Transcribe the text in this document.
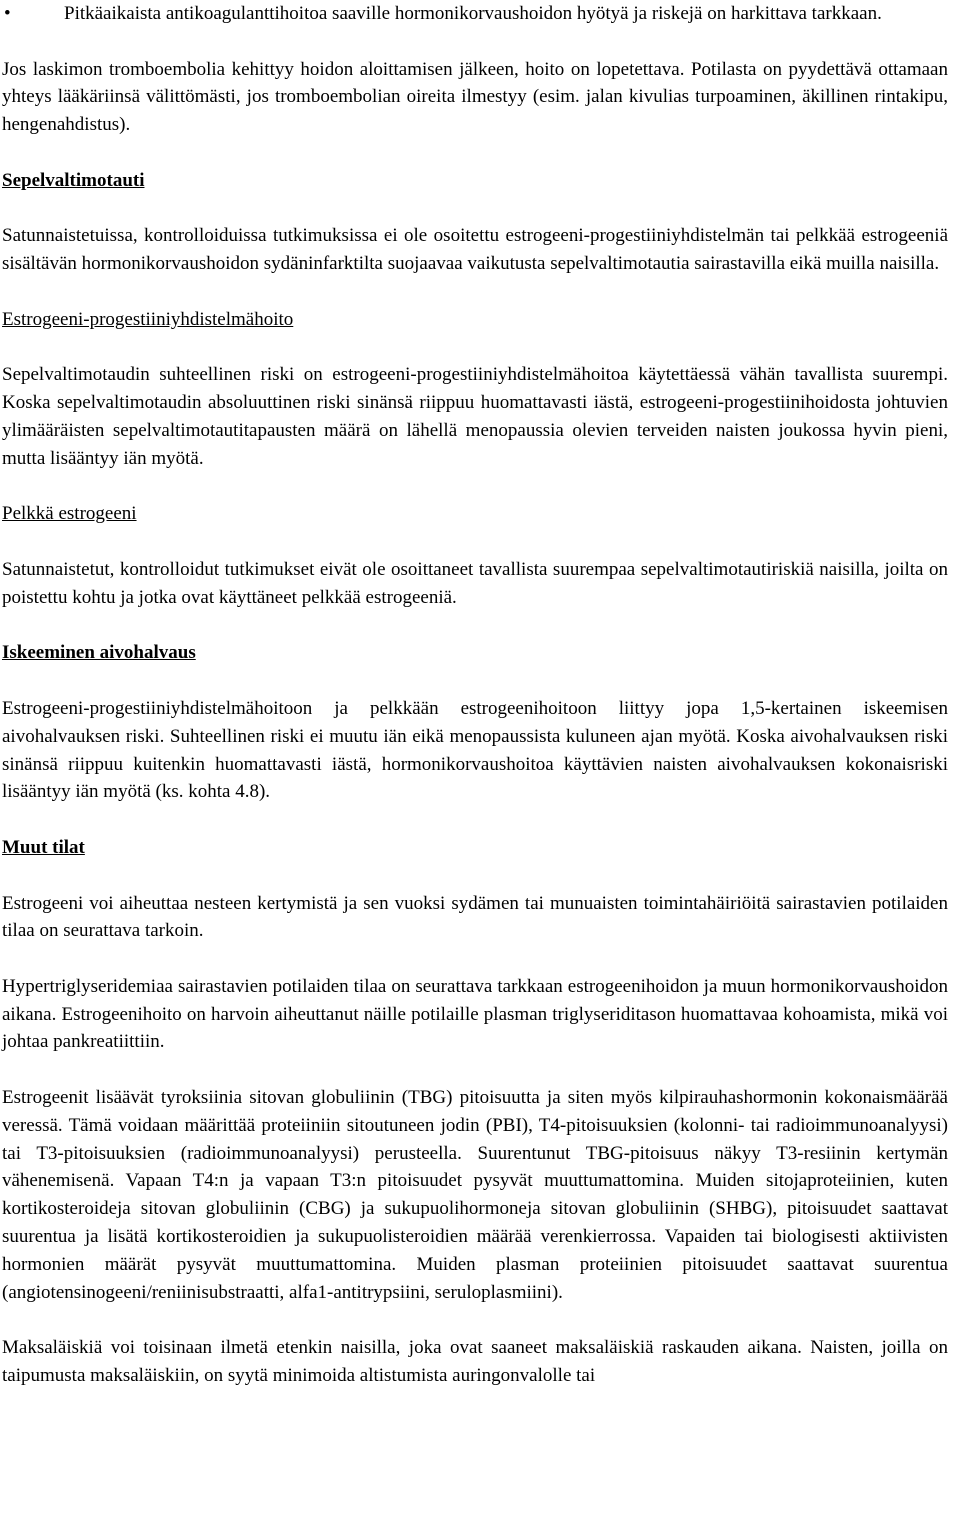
•	Pitkäaikaista antikoagulanttihoitoa saaville hormonikorvaushoidon hyötyä ja riskejä on harkittava tarkkaan.

Jos laskimon tromboembolia kehittyy hoidon aloittamisen jälkeen, hoito on lopetettava. Potilasta on pyydettävä ottamaan yhteys lääkäriinsä välittömästi, jos tromboembolian oireita ilmestyy (esim. jalan kivulias turpoaminen, äkillinen rintakipu, hengenahdistus).

Sepelvaltimotauti

Satunnaistetuissa, kontrolloiduissa tutkimuksissa ei ole osoitettu estrogeeni-progestiiniyhdistelmän tai pelkkää estrogeeniä sisältävän hormonikorvaushoidon sydäninfarktilta suojaavaa vaikutusta sepelvaltimotautia sairastavilla eikä muilla naisilla.

Estrogeeni-progestiiniyhdistelmähoito

Sepelvaltimotaudin suhteellinen riski on estrogeeni-progestiiniyhdistelmähoitoa käytettäessä vähän tavallista suurempi. Koska sepelvaltimotaudin absoluuttinen riski sinänsä riippuu huomattavasti iästä, estrogeeni-progestiinihoidosta johtuvien ylimääräisten sepelvaltimotautitapausten määrä on lähellä menopaussia olevien terveiden naisten joukossa hyvin pieni, mutta lisääntyy iän myötä.

Pelkkä estrogeeni

Satunnaistetut, kontrolloidut tutkimukset eivät ole osoittaneet tavallista suurempaa sepelvaltimotautiriskiä naisilla, joilta on poistettu kohtu ja jotka ovat käyttäneet pelkkää estrogeeniä.

Iskeeminen aivohalvaus

Estrogeeni-progestiiniyhdistelmähoitoon ja pelkkään estrogeenihoitoon liittyy jopa 1,5-kertainen iskeemisen aivohalvauksen riski. Suhteellinen riski ei muutu iän eikä menopaussista kuluneen ajan myötä. Koska aivohalvauksen riski sinänsä riippuu kuitenkin huomattavasti iästä, hormonikorvaushoitoa käyttävien naisten aivohalvauksen kokonaisriski lisääntyy iän myötä (ks. kohta 4.8).

Muut tilat

Estrogeeni voi aiheuttaa nesteen kertymistä ja sen vuoksi sydämen tai munuaisten toimintahäiriöitä sairastavien potilaiden tilaa on seurattava tarkoin.

Hypertriglyseridemiaa sairastavien potilaiden tilaa on seurattava tarkkaan estrogeenihoidon ja muun hormonikorvaushoidon aikana. Estrogeenihoito on harvoin aiheuttanut näille potilaille plasman triglyseriditason huomattavaa kohoamista, mikä voi johtaa pankreatiittiin.

Estrogeenit lisäävät tyroksiinia sitovan globuliinin (TBG) pitoisuutta ja siten myös kilpirauhashormonin kokonaismäärää veressä. Tämä voidaan määrittää proteiiniin sitoutuneen jodin (PBI), T4-pitoisuuksien (kolonni- tai radioimmunoanalyysi) tai T3-pitoisuuksien (radioimmunoanalyysi) perusteella. Suurentunut TBG-pitoisuus näkyy T3-resiinin kertymän vähenemisenä. Vapaan T4:n ja vapaan T3:n pitoisuudet pysyvät muuttumattomina. Muiden sitojaproteiinien, kuten kortikosteroideja sitovan globuliinin (CBG) ja sukupuolihormoneja sitovan globuliinin (SHBG), pitoisuudet saattavat suurentua ja lisätä kortikosteroidien ja sukupuolisteroidien määrää verenkierrossa. Vapaiden tai biologisesti aktiivisten hormonien määrät pysyvät muuttumattomina. Muiden plasman proteiinien pitoisuudet saattavat suurentua (angiotensinogeeni/reniinisubstraatti, alfa1-antitrypsiini, seruloplasmiini).

Maksaläiskiä voi toisinaan ilmetä etenkin naisilla, joka ovat saaneet maksaläiskiä raskauden aikana. Naisten, joilla on taipumusta maksaläiskiin, on syytä minimoida altistumista auringonvalolle tai
